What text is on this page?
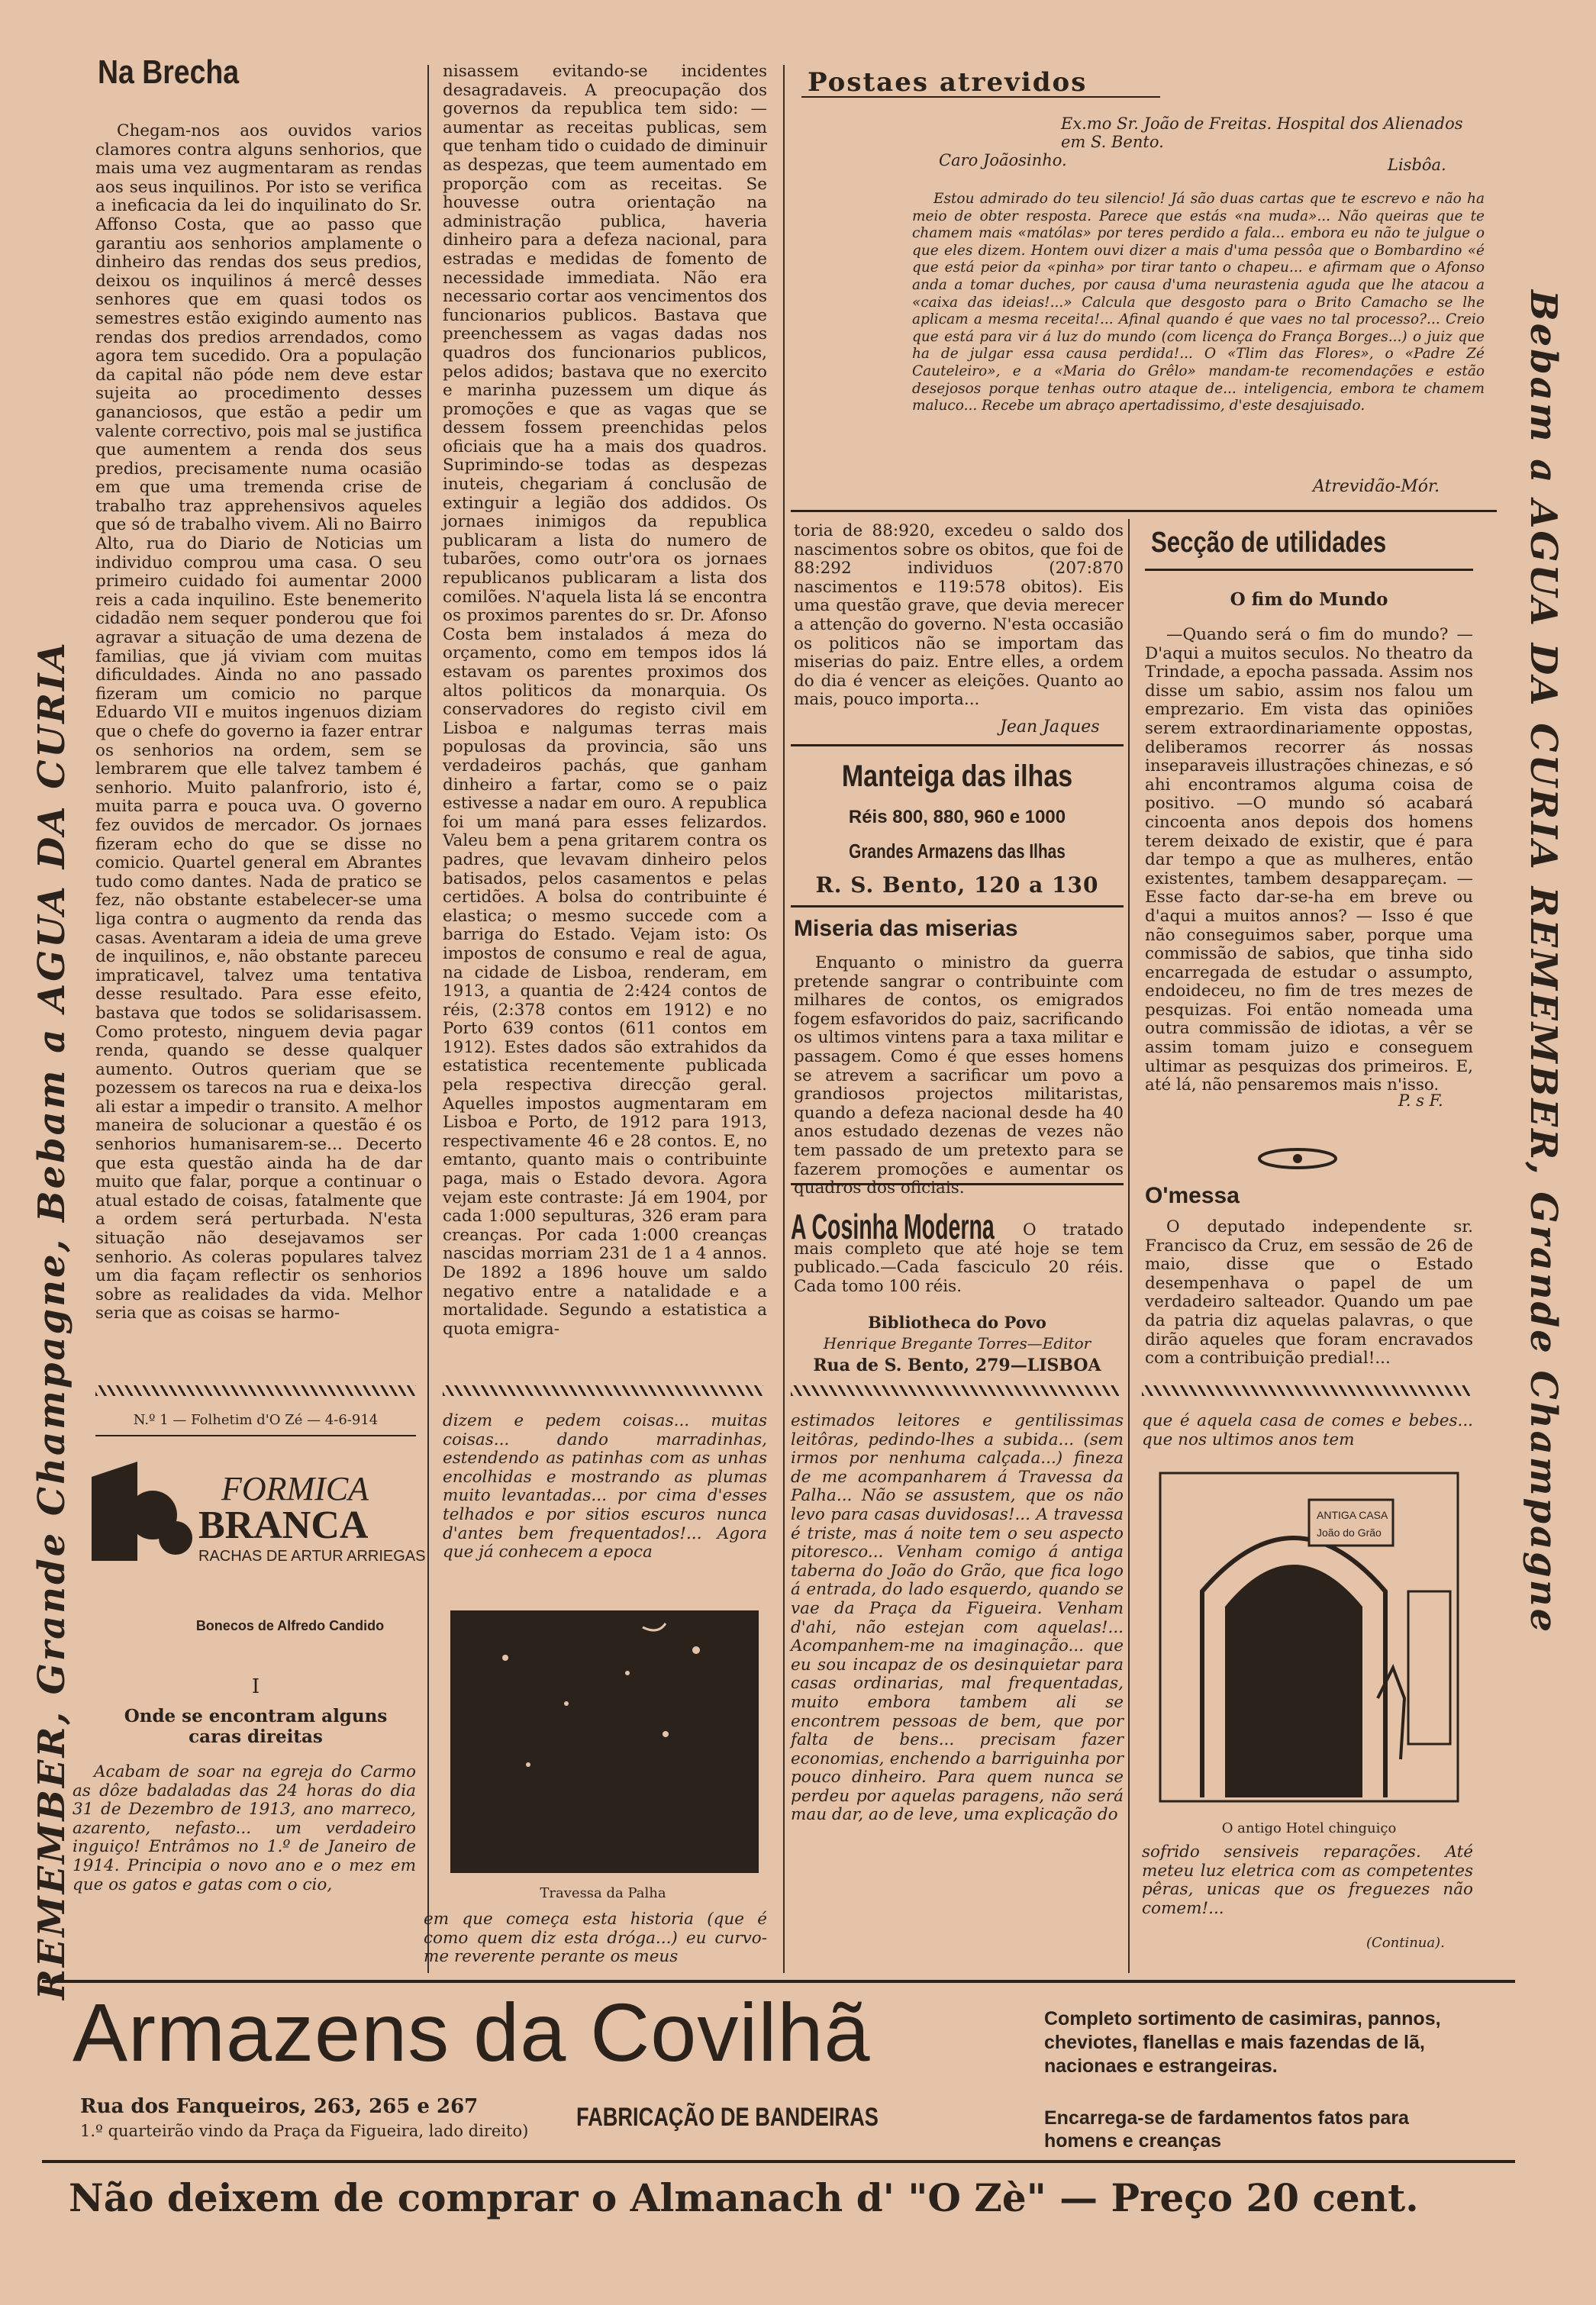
REMEMBER, Grande Champagne, Bebam a AGUA DA CURIA	Bebam a AGUA DA CURIA REMEMBER, Grande Champagne
Na Brecha

Chegam-nos aos ouvidos varios clamores contra alguns senhorios, que mais uma vez augmentaram as rendas aos seus inquilinos. Por isto se verifica a ineficacia da lei do inquilinato do Sr. Affonso Costa, que ao passo que garantiu aos senhorios amplamente o dinheiro das rendas dos seus predios, deixou os inquilinos á mercê desses senhores que em quasi todos os semestres estão exigindo aumento nas rendas dos predios arrendados, como agora tem sucedido. Ora a população da capital não póde nem deve estar sujeita ao procedimento desses gananciosos, que estão a pedir um valente correctivo, pois mal se justifica que aumentem a renda dos seus predios, precisamente numa ocasião em que uma tremenda crise de trabalho traz apprehensivos aqueles que só de trabalho vivem. Ali no Bairro Alto, rua do Diario de Noticias um individuo comprou uma casa. O seu primeiro cuidado foi aumentar 2000 reis a cada inquilino. Este benemerito cidadão nem sequer ponderou que foi agravar a situação de uma dezena de familias, que já viviam com muitas dificuldades. Ainda no ano passado fizeram um comicio no parque Eduardo VII e muitos ingenuos diziam que o chefe do governo ia fazer entrar os senhorios na ordem, sem se lembrarem que elle talvez tambem é senhorio. Muito palanfrorio, isto é, muita parra e pouca uva. O governo fez ouvidos de mercador. Os jornaes fizeram echo do que se disse no comicio. Quartel general em Abrantes tudo como dantes. Nada de pratico se fez, não obstante estabelecer-se uma liga contra o augmento da renda das casas. Aventaram a ideia de uma greve de inquilinos, e, não obstante pareceu impraticavel, talvez uma tentativa desse resultado. Para esse efeito, bastava que todos se solidarisassem. Como protesto, ninguem devia pagar renda, quando se desse qualquer aumento. Outros queriam que se pozessem os tarecos na rua e deixa-los ali estar a impedir o transito. A melhor maneira de solucionar a questão é os senhorios humanisarem-se... Decerto que esta questão ainda ha de dar muito que falar, porque a continuar o atual estado de coisas, fatalmente que a ordem será perturbada. N'esta situação não desejavamos ser senhorio. As coleras populares talvez um dia façam reflectir os senhorios sobre as realidades da vida. Melhor seria que as coisas se harmo-

N.º 1 — Folhetim d'O Zé — 4-6-914
FORMICA
BRANCA
RACHAS DE ARTUR ARRIEGAS
Bonecos de Alfredo Candido
I
Onde se encontram alguns caras direitas

Acabam de soar na egreja do Carmo as dôze badaladas das 24 horas do dia 31 de Dezembro de 1913, ano marreco, azarento, nefasto... um verdadeiro inguiço! Entrâmos no 1.º de Janeiro de 1914. Principia o novo ano e o mez em que os gatos e gatas com o cio,

nisassem evitando-se incidentes desagradaveis. A preocupação dos governos da republica tem sido: — aumentar as receitas publicas, sem que tenham tido o cuidado de diminuir as despezas, que teem aumentado em proporção com as receitas. Se houvesse outra orientação na administração publica, haveria dinheiro para a defeza nacional, para estradas e medidas de fomento de necessidade immediata. Não era necessario cortar aos vencimentos dos funcionarios publicos. Bastava que preenchessem as vagas dadas nos quadros dos funcionarios publicos, pelos adidos; bastava que no exercito e marinha puzessem um dique ás promoções e que as vagas que se dessem fossem preenchidas pelos oficiais que ha a mais dos quadros. Suprimindo-se todas as despezas inuteis, chegariam á conclusão de extinguir a legião dos addidos. Os jornaes inimigos da republica publicaram a lista do numero de tubarões, como outr'ora os jornaes republicanos publicaram a lista dos comilões. N'aquela lista lá se encontra os proximos parentes do sr. Dr. Afonso Costa bem instalados á meza do orçamento, como em tempos idos lá estavam os parentes proximos dos altos politicos da monarquia. Os conservadores do registo civil em Lisboa e nalgumas terras mais populosas da provincia, são uns verdadeiros pachás, que ganham dinheiro a fartar, como se o paiz estivesse a nadar em ouro. A republica foi um maná para esses felizardos. Valeu bem a pena gritarem contra os padres, que levavam dinheiro pelos batisados, pelos casamentos e pelas certidões. A bolsa do contribuinte é elastica; o mesmo succede com a barriga do Estado. Vejam isto: Os impostos de consumo e real de agua, na cidade de Lisboa, renderam, em 1913, a quantia de 2:424 contos de réis, (2:378 contos em 1912) e no Porto 639 contos (611 contos em 1912). Estes dados são extrahidos da estatistica recentemente publicada pela respectiva direcção geral. Aquelles impostos augmentaram em Lisboa e Porto, de 1912 para 1913, respectivamente 46 e 28 contos. E, no emtanto, quanto mais o contribuinte paga, mais o Estado devora. Agora vejam este contraste: Já em 1904, por cada 1:000 sepulturas, 326 eram para creanças. Por cada 1:000 creanças nascidas morriam 231 de 1 a 4 annos. De 1892 a 1896 houve um saldo negativo entre a natalidade e a mortalidade. Segundo a estatistica a quota emigra-

dizem e pedem coisas... muitas coisas... dando marradinhas, estendendo as patinhas com as unhas encolhidas e mostrando as plumas muito levantadas... por cima d'esses telhados e por sitios escuros nunca d'antes bem frequentados!... Agora que já conhecem a epoca

Travessa da Palha

em que começa esta historia (que é como quem diz esta dróga...) eu curvo-me reverente perante os meus

Postaes atrevidos
Ex.mo Sr. João de Freitas. Hospital dos Alienados em S. Bento.
Caro Joãosinho.	Lisbôa.

Estou admirado do teu silencio! Já são duas cartas que te escrevo e não ha meio de obter resposta. Parece que estás «na muda»... Não queiras que te chamem mais «matólas» por teres perdido a fala... embora eu não te julgue o que eles dizem. Hontem ouvi dizer a mais d'uma pessôa que o Bombardino «é que está peior da «pinha» por tirar tanto o chapeu... e afirmam que o Afonso anda a tomar duches, por causa d'uma neurastenia aguda que lhe atacou a «caixa das ideias!...» Calcula que desgosto para o Brito Camacho se lhe aplicam a mesma receita!... Afinal quando é que vaes no tal processo?... Creio que está para vir á luz do mundo (com licença do França Borges...) o juiz que ha de julgar essa causa perdida!... O «Tlim das Flores», o «Padre Zé Cauteleiro», e a «Maria do Grêlo» mandam-te recomendações e estão desejosos porque tenhas outro ataque de... inteligencia, embora te chamem maluco... Recebe um abraço apertadissimo, d'este desajuisado.

Atrevidão-Mór.

toria de 88:920, excedeu o saldo dos nascimentos sobre os obitos, que foi de 88:292 individuos (207:870 nascimentos e 119:578 obitos). Eis uma questão grave, que devia merecer a attenção do governo. N'esta occasião os politicos não se importam das miserias do paiz. Entre elles, a ordem do dia é vencer as eleições. Quanto ao mais, pouco importa...

Jean Jaques
Manteiga das ilhas
Réis 800, 880, 960 e 1000
Grandes Armazens das Ilhas
R. S. Bento, 120 a 130
Miseria das miserias

Enquanto o ministro da guerra pretende sangrar o contribuinte com milhares de contos, os emigrados fogem esfavoridos do paiz, sacrificando os ultimos vintens para a taxa militar e passagem. Como é que esses homens se atrevem a sacrificar um povo a grandiosos projectos militaristas, quando a defeza nacional desde ha 40 anos estudado dezenas de vezes não tem passado de um pretexto para se fazerem promoções e aumentar os quadros dos oficiais.

A Cosinha Moderna	O tratado mais completo que até hoje se tem publicado.—Cada fasciculo 20 réis. Cada tomo 100 réis.

Bibliotheca do Povo
Henrique Bregante Torres—Editor
Rua de S. Bento, 279—LISBOA

estimados leitores e gentilissimas leitôras, pedindo-lhes a subida... (sem irmos por nenhuma calçada...) fineza de me acompanharem á Travessa da Palha... Não se assustem, que os não levo para casas duvidosas!... A travessa é triste, mas á noite tem o seu aspecto pitoresco... Venham comigo á antiga taberna do João do Grão, que fica logo á entrada, do lado esquerdo, quando se vae da Praça da Figueira. Venham d'ahi, não estejan com aquelas!... Acompanhem-me na imaginação... que eu sou incapaz de os desinquietar para casas ordinarias, mal frequentadas, muito embora tambem ali se encontrem pessoas de bem, que por falta de bens... precisam fazer economias, enchendo a barriguinha por pouco dinheiro. Para quem nunca se perdeu por aquelas paragens, não será mau dar, ao de leve, uma explicação do

Secção de utilidades
O fim do Mundo

—Quando será o fim do mundo? — D'aqui a muitos seculos. No theatro da Trindade, a epocha passada. Assim nos disse um sabio, assim nos falou um emprezario. Em vista das opiniões serem extraordinariamente oppostas, deliberamos recorrer ás nossas inseparaveis illustrações chinezas, e só ahi encontramos alguma coisa de positivo. —O mundo só acabará cincoenta anos depois dos homens terem deixado de existir, que é para dar tempo a que as mulheres, então existentes, tambem desappareçam. — Esse facto dar-se-ha em breve ou d'aqui a muitos annos? — Isso é que não conseguimos saber, porque uma commissão de sabios, que tinha sido encarregada de estudar o assumpto, endoideceu, no fim de tres mezes de pesquizas. Foi então nomeada uma outra commissão de idiotas, a vêr se assim tomam juizo e conseguem ultimar as pesquizas dos primeiros. E, até lá, não pensaremos mais n'isso.

P. s F.
O'messa

O deputado independente sr. Francisco da Cruz, em sessão de 26 de maio, disse que o Estado desempenhava o papel de um verdadeiro salteador. Quando um pae da patria diz aquelas palavras, o que dirão aqueles que foram encravados com a contribuição predial!...

que é aquela casa de comes e bebes... que nos ultimos anos tem

ANTIGA CASA
João do Grão
O antigo Hotel chinguiço

sofrido sensiveis reparações. Até meteu luz eletrica com as competentes pêras, unicas que os freguezes não comem!...

(Continua).
Armazens da Covilhã
Rua dos Fanqueiros, 263, 265 e 267
1.º quarteirão vindo da Praça da Figueira, lado direito) FABRICAÇÃO DE BANDEIRAS
Completo sortimento de casimiras, pannos, cheviotes, flanellas e mais fazendas de lã, nacionaes e estrangeiras.
Encarrega-se de fardamentos fatos para homens e creanças
Não deixem de comprar o Almanach d' "O Zè" — Preço 20 cent.
